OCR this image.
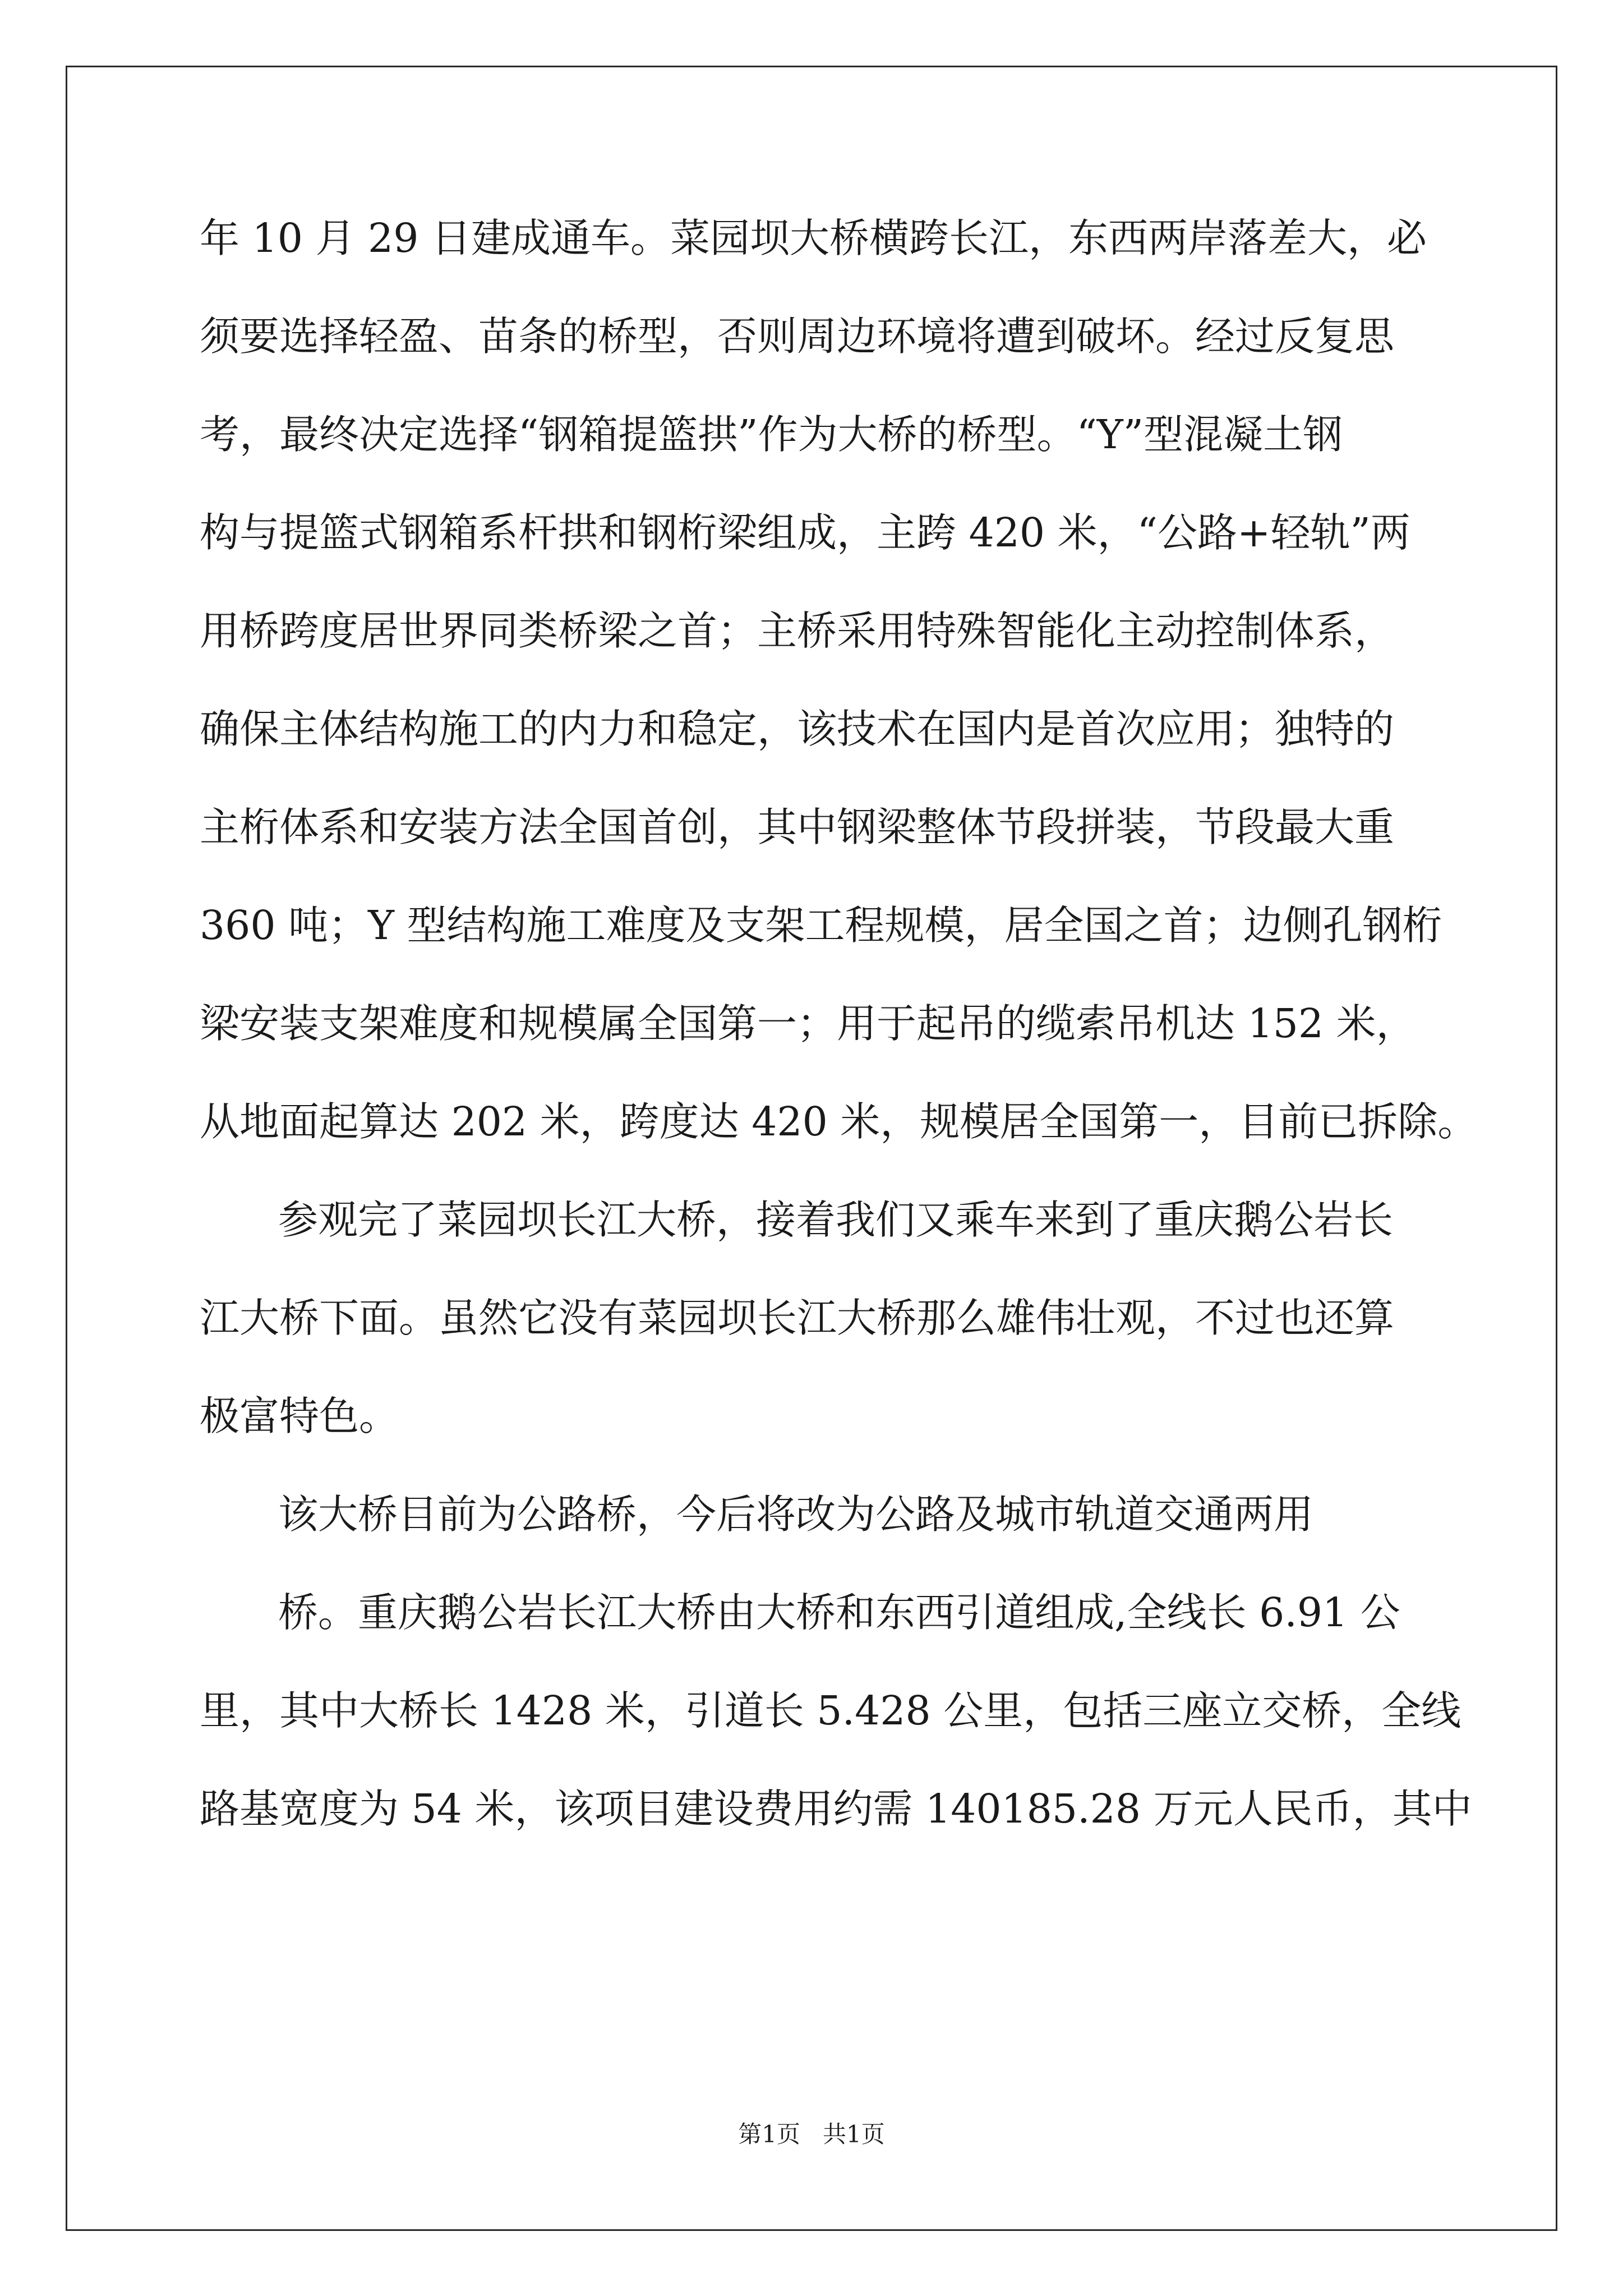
年 10 月 29 日建成通车。菜园坝大桥横跨长江，东西两岸落差大，必
须要选择轻盈、苗条的桥型，否则周边环境将遭到破坏。经过反复思
考，最终决定选择“钢箱提篮拱”作为大桥的桥型。“Y”型混凝土钢
构与提篮式钢箱系杆拱和钢桁梁组成，主跨 420 米，“公路+轻轨”两
用桥跨度居世界同类桥梁之首；主桥采用特殊智能化主动控制体系，
确保主体结构施工的内力和稳定，该技术在国内是首次应用；独特的
主桁体系和安装方法全国首创，其中钢梁整体节段拼装，节段最大重
360 吨；Y 型结构施工难度及支架工程规模，居全国之首；边侧孔钢桁
梁安装支架难度和规模属全国第一；用于起吊的缆索吊机达 152 米，
从地面起算达 202 米，跨度达 420 米，规模居全国第一，目前已拆除。
参观完了菜园坝长江大桥，接着我们又乘车来到了重庆鹅公岩长
江大桥下面。虽然它没有菜园坝长江大桥那么雄伟壮观，不过也还算
极富特色。
该大桥目前为公路桥，今后将改为公路及城市轨道交通两用
桥。重庆鹅公岩长江大桥由大桥和东西引道组成,全线长 6.91 公
里，其中大桥长 1428 米，引道长 5.428 公里，包括三座立交桥，全线
路基宽度为 54 米，该项目建设费用约需 140185.28 万元人民币，其中
第1页   共1页
